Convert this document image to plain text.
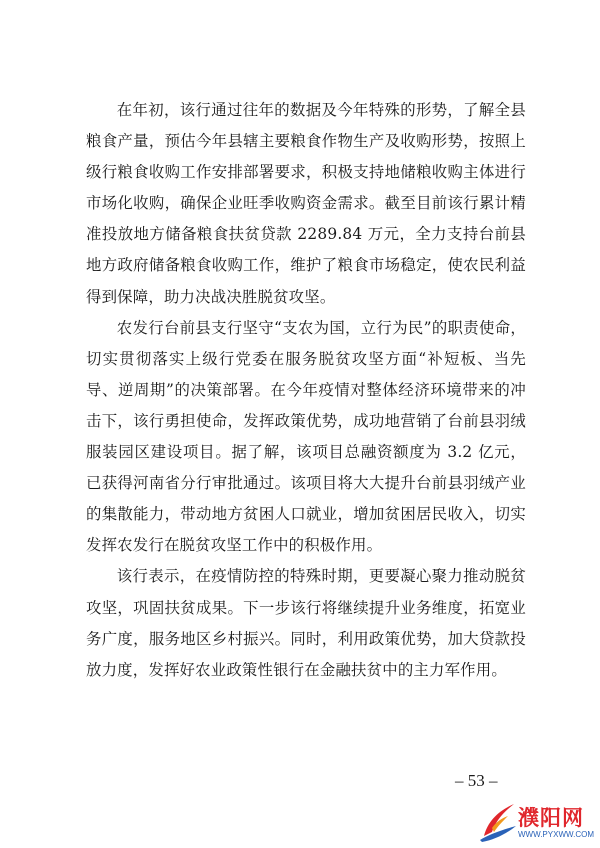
在年初，该行通过往年的数据及今年特殊的形势，了解全县粮食产量，预估今年县辖主要粮食作物生产及收购形势，按照上级行粮食收购工作安排部署要求，积极支持地储粮收购主体进行市场化收购，确保企业旺季收购资金需求。截至目前该行累计精准投放地方储备粮食扶贫贷款 2289.84 万元，全力支持台前县地方政府储备粮食收购工作，维护了粮食市场稳定，使农民利益得到保障，助力决战决胜脱贫攻坚。

农发行台前县支行坚守“支农为国，立行为民”的职责使命，切实贯彻落实上级行党委在服务脱贫攻坚方面“补短板、当先导、逆周期”的决策部署。在今年疫情对整体经济环境带来的冲击下，该行勇担使命，发挥政策优势，成功地营销了台前县羽绒服装园区建设项目。据了解，该项目总融资额度为 3.2 亿元，已获得河南省分行审批通过。该项目将大大提升台前县羽绒产业的集散能力，带动地方贫困人口就业，增加贫困居民收入，切实发挥农发行在脱贫攻坚工作中的积极作用。

该行表示，在疫情防控的特殊时期，更要凝心聚力推动脱贫攻坚，巩固扶贫成果。下一步该行将继续提升业务维度，拓宽业务广度，服务地区乡村振兴。同时，利用政策优势，加大贷款投放力度，发挥好农业政策性银行在金融扶贫中的主力军作用。

– 53 –
濮阳网
WWW.PYXWW.COM
